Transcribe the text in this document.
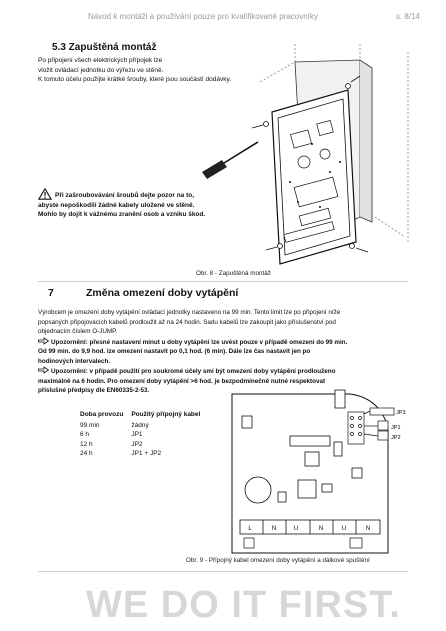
Návod k montáži a používání pouze pro kvalifikované pracovníky	s. 8/14
5.3 Zapuštěná montáž
Po připojení všech elektrických přípojek lze
vložit ovládací jednotku do výřezu ve stěně.
K tomuto účelu použijte krátké šrouby, které jsou součástí dodávky.
Při zašroubovávání šroubů dejte pozor na to,
abyste nepoškodili žádné kabely uložené ve stěně.
Mohlo by dojít k vážnému zranění osob a vzniku škod.
Obr. 8 - Zapuštěná montáž
7	Změna omezení doby vytápění
Výrobcem je omezení doby vytápění ovládací jednotky nastaveno na 99 min. Tento limit lze po připojení níže
popsaných připojovacích kabelů prodloužit až na 24 hodin. Sadu kabelů lze zakoupit jako příslušenství pod
objednacím číslem O-JUMP.
Upozornění: přesné nastavení minut u doby vytápění lze uvést pouze v případě omezení do 99 min.
Od 99 min. do 9,9 hod. lze omezení nastavit po 0,1 hod. (6 min). Dále lze čas nastavit jen po
hodinových intervalech.
Upozornění: v případě použití pro soukromé účely smí být omezení doby vytápění prodlouženo
maximálně na 6 hodin. Pro omezení doby vytápění >6 hod. je bezpodmínečně nutné respektovat
příslušné předpisy dle EN60335-2-53.
Doba provozu	Použitý přípojný kabel
99 min	žádný
6 h	JP1
12 h	JP2
24 h	JP1 + JP2
JP3
JP1
JP2
L	N	U	N	U	N
Obr. 9 - Přípojný kabel omezení doby vytápění a dálkové spuštění
WE DO IT FIRST.
